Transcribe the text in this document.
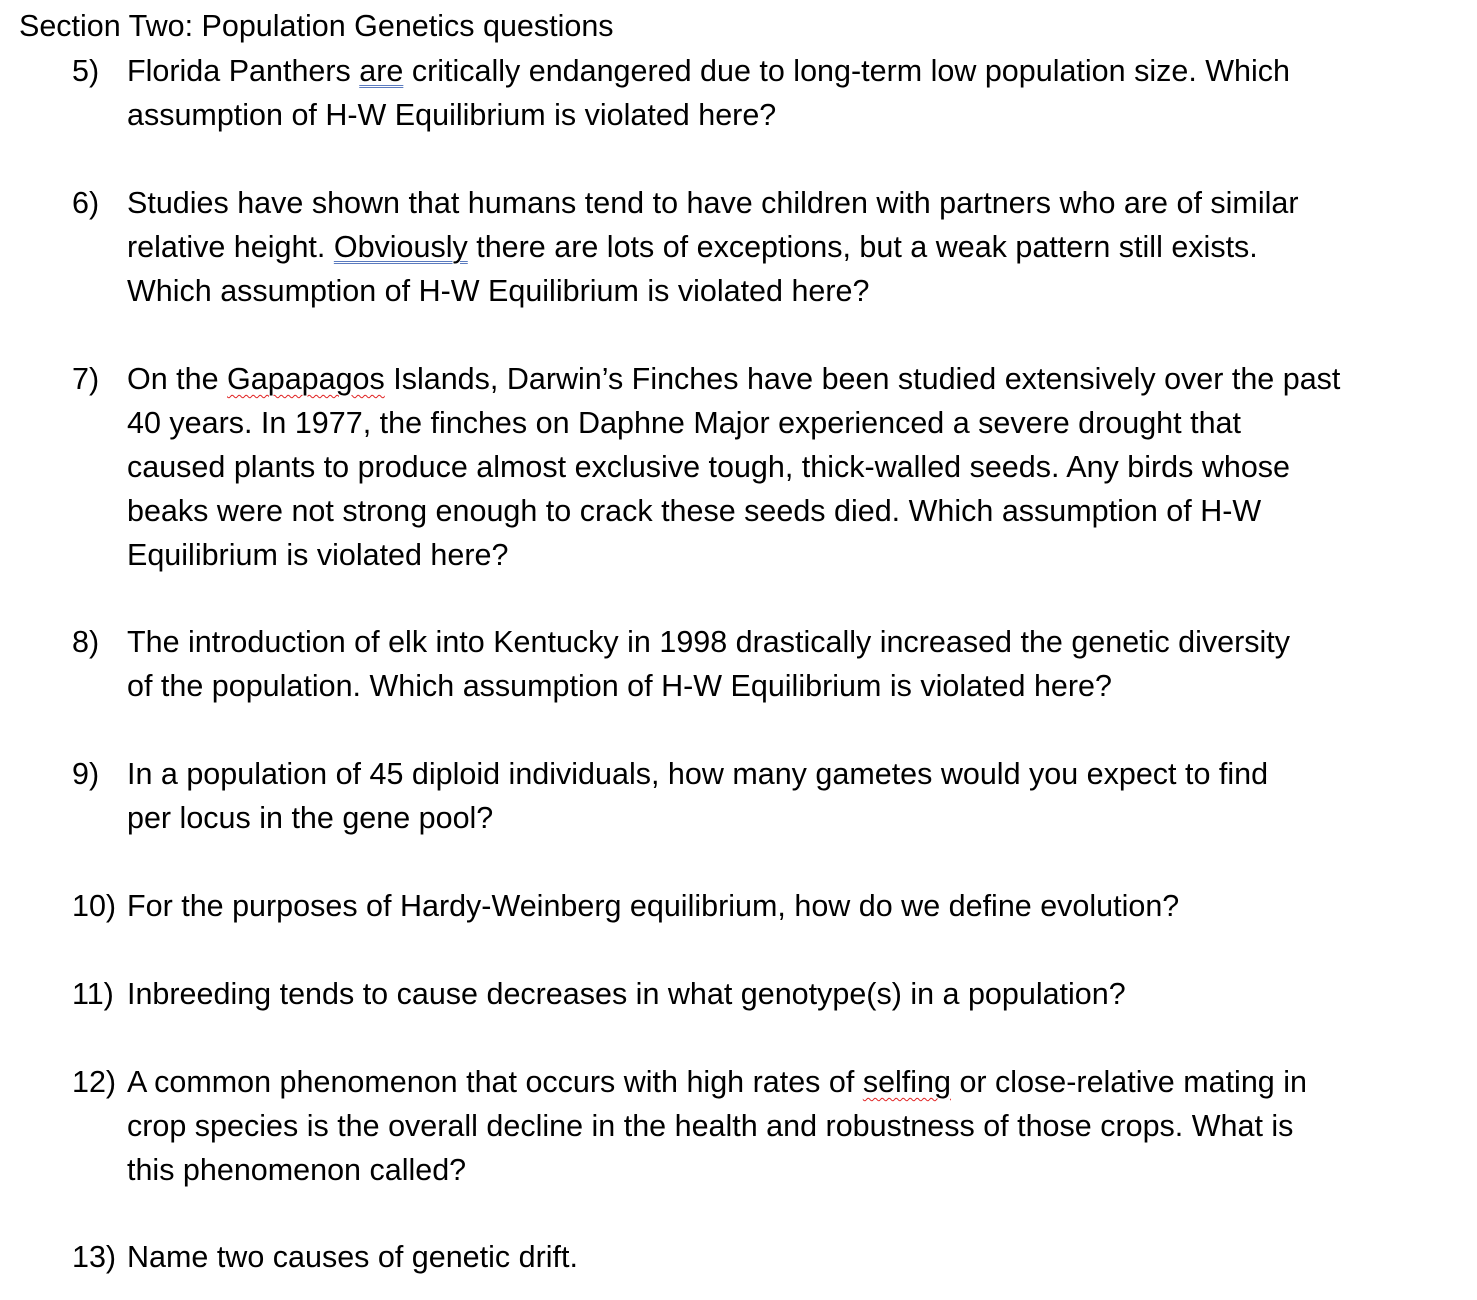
Section Two: Population Genetics questions
5) Florida Panthers are critically endangered due to long-term low population size. Which
assumption of H-W Equilibrium is violated here?
6) Studies have shown that humans tend to have children with partners who are of similar
relative height. Obviously there are lots of exceptions, but a weak pattern still exists.
Which assumption of H-W Equilibrium is violated here?
7) On the Gapapagos Islands, Darwin’s Finches have been studied extensively over the past
40 years. In 1977, the finches on Daphne Major experienced a severe drought that
caused plants to produce almost exclusive tough, thick-walled seeds. Any birds whose
beaks were not strong enough to crack these seeds died. Which assumption of H-W
Equilibrium is violated here?
8) The introduction of elk into Kentucky in 1998 drastically increased the genetic diversity
of the population. Which assumption of H-W Equilibrium is violated here?
9) In a population of 45 diploid individuals, how many gametes would you expect to find
per locus in the gene pool?
10) For the purposes of Hardy-Weinberg equilibrium, how do we define evolution?
11) Inbreeding tends to cause decreases in what genotype(s) in a population?
12) A common phenomenon that occurs with high rates of selfing or close-relative mating in
crop species is the overall decline in the health and robustness of those crops. What is
this phenomenon called?
13) Name two causes of genetic drift.
